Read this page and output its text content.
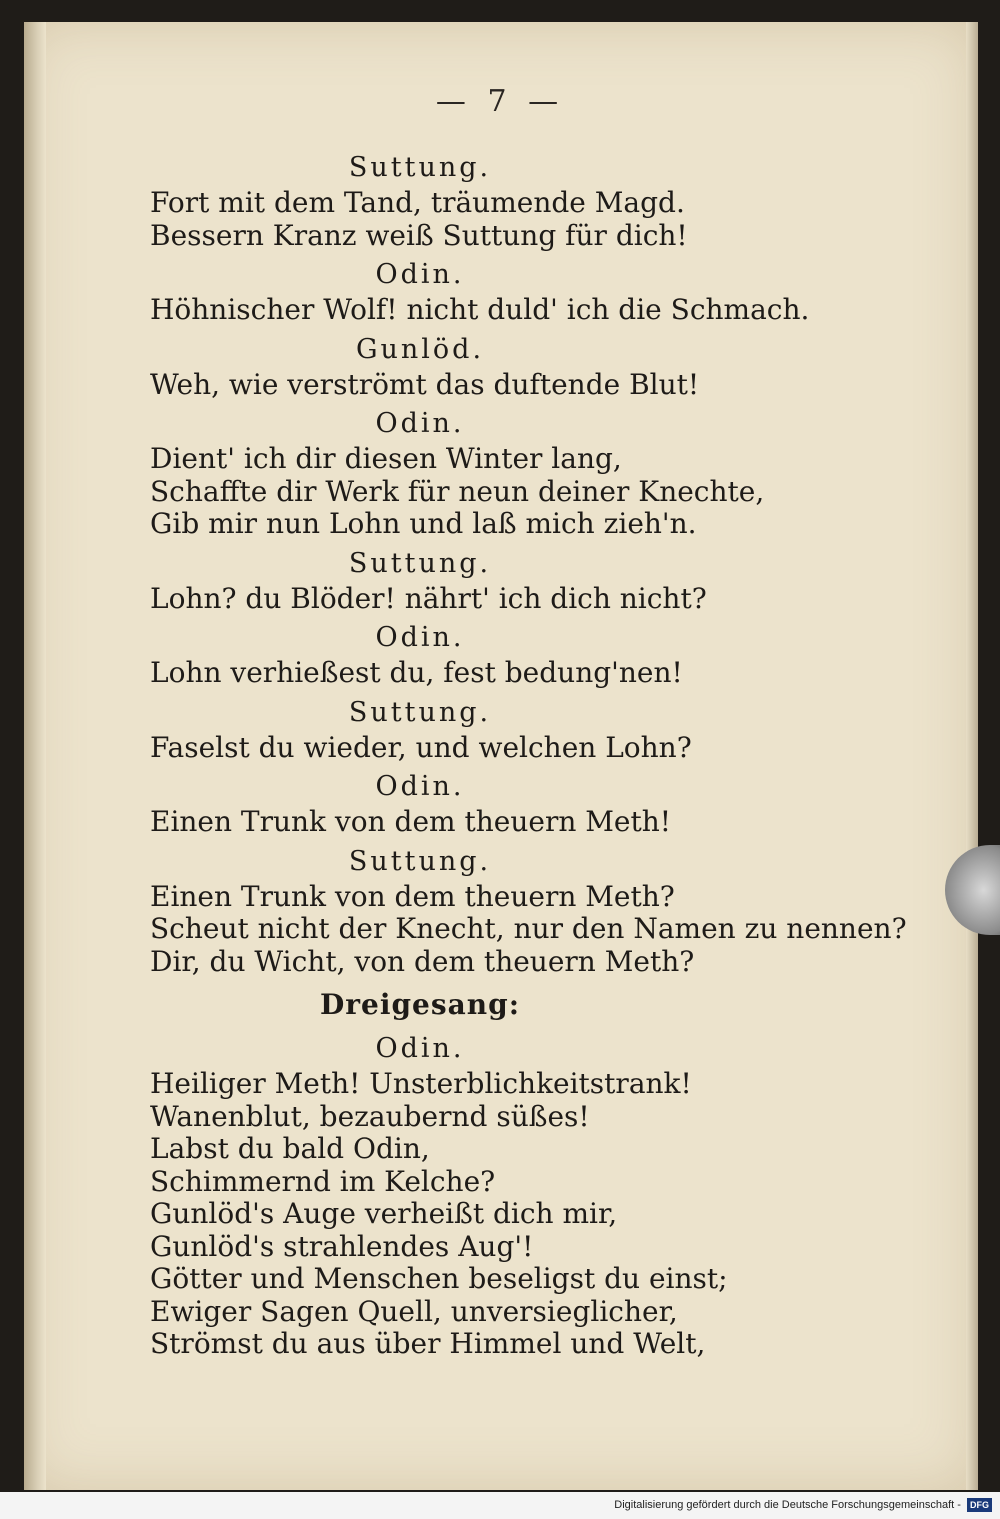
— 7 —
Suttung.
Fort mit dem Tand, träumende Magd.
Bessern Kranz weiß Suttung für dich!
Odin.
Höhnischer Wolf! nicht duld' ich die Schmach.
Gunlöd.
Weh, wie verströmt das duftende Blut!
Odin.
Dient' ich dir diesen Winter lang,
Schaffte dir Werk für neun deiner Knechte,
Gib mir nun Lohn und laß mich zieh'n.
Suttung.
Lohn? du Blöder! nährt' ich dich nicht?
Odin.
Lohn verhießest du, fest bedung'nen!
Suttung.
Faselst du wieder, und welchen Lohn?
Odin.
Einen Trunk von dem theuern Meth!
Suttung.
Einen Trunk von dem theuern Meth?
Scheut nicht der Knecht, nur den Namen zu nennen?
Dir, du Wicht, von dem theuern Meth?
Dreigesang:
Odin.
Heiliger Meth! Unsterblichkeitstrank!
Wanenblut, bezaubernd süßes!
Labst du bald Odin,
Schimmernd im Kelche?
Gunlöd's Auge verheißt dich mir,
Gunlöd's strahlendes Aug'!
Götter und Menschen beseligst du einst;
Ewiger Sagen Quell, unversieglicher,
Strömst du aus über Himmel und Welt,
Digitalisierung gefördert durch die Deutsche Forschungsgemeinschaft - DFG
